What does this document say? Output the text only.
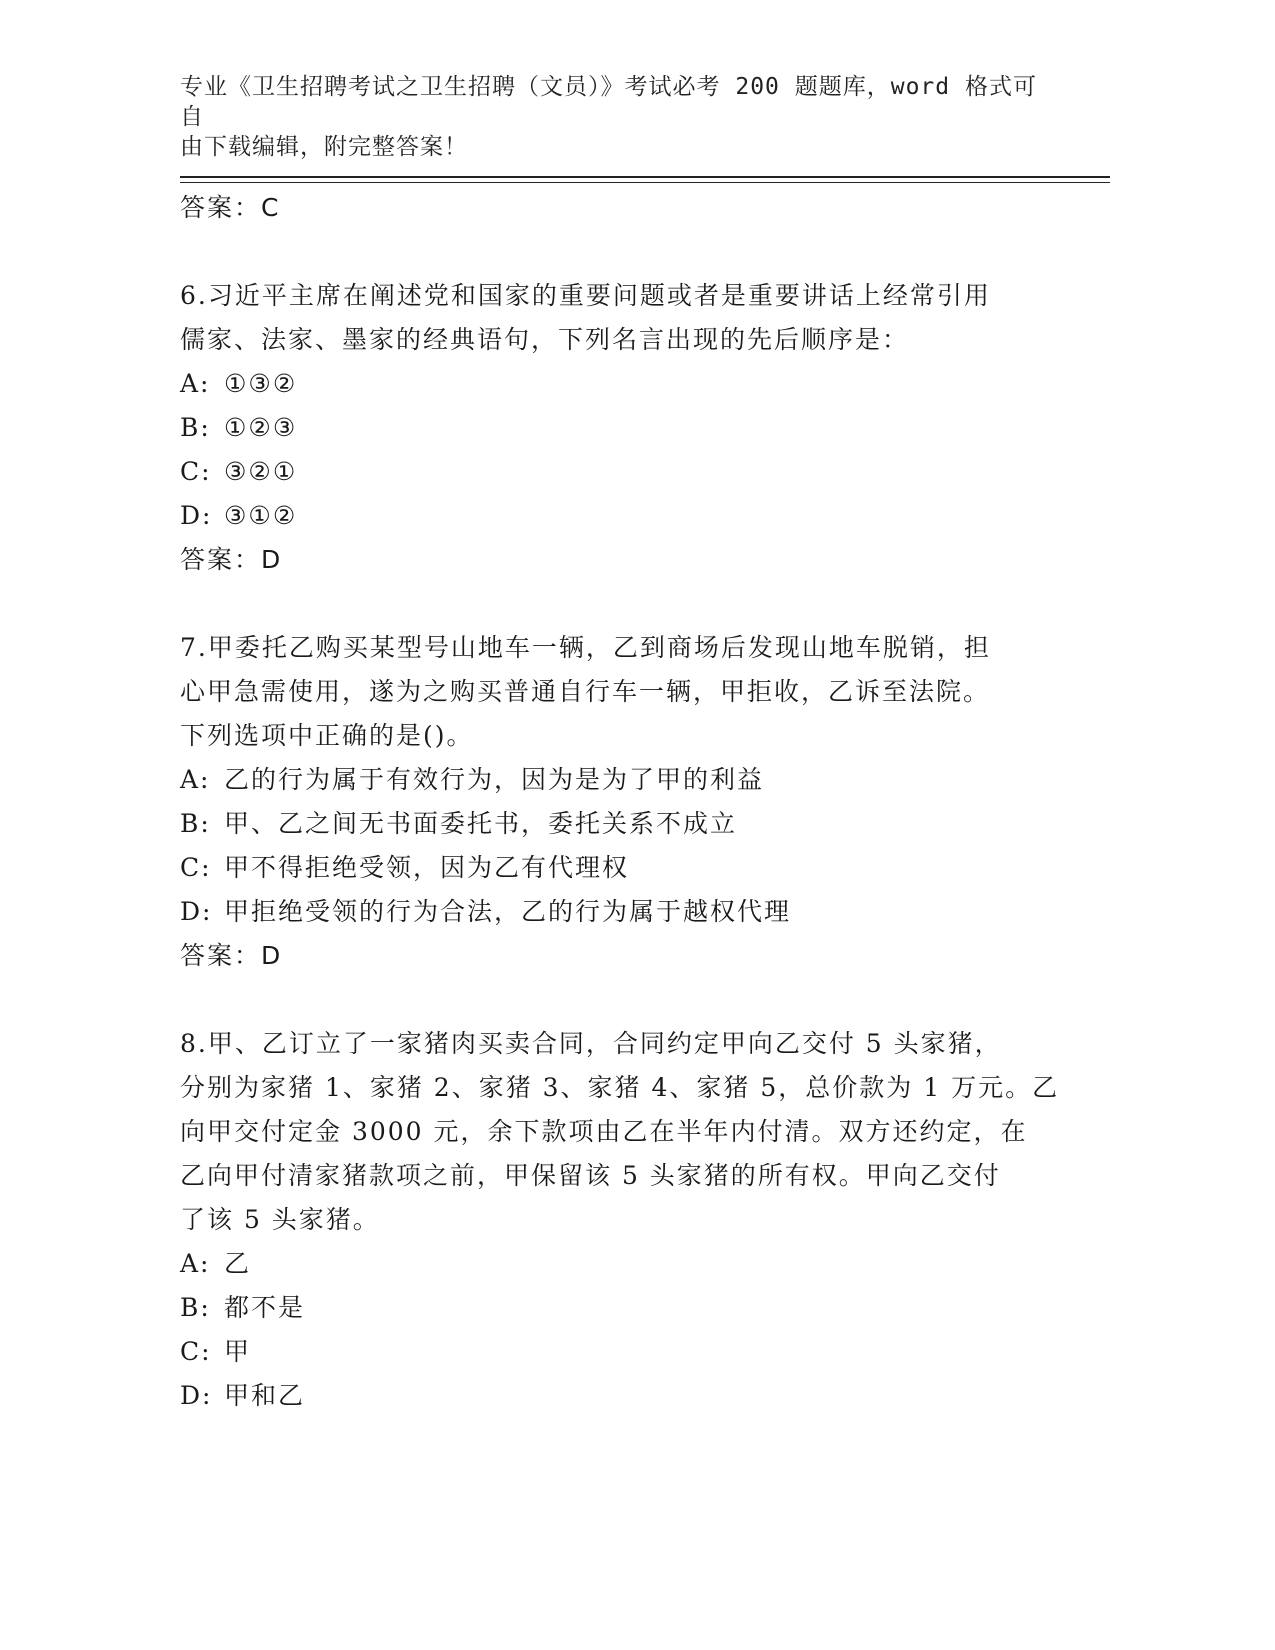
专业《卫生招聘考试之卫生招聘（文员）》考试必考 200 题题库，word 格式可自
由下载编辑，附完整答案！
答案：C
6.习近平主席在阐述党和国家的重要问题或者是重要讲话上经常引用
儒家、法家、墨家的经典语句，下列名言出现的先后顺序是：
A: ①③②
B: ①②③
C: ③②①
D: ③①②
答案：D
7.甲委托乙购买某型号山地车一辆，乙到商场后发现山地车脱销，担
心甲急需使用，遂为之购买普通自行车一辆，甲拒收，乙诉至法院。
下列选项中正确的是()。
A: 乙的行为属于有效行为，因为是为了甲的利益
B: 甲、乙之间无书面委托书，委托关系不成立
C: 甲不得拒绝受领，因为乙有代理权
D: 甲拒绝受领的行为合法，乙的行为属于越权代理
答案：D
8.甲、乙订立了一家猪肉买卖合同，合同约定甲向乙交付 5 头家猪，
分别为家猪 1、家猪 2、家猪 3、家猪 4、家猪 5，总价款为 1 万元。乙
向甲交付定金 3000 元，余下款项由乙在半年内付清。双方还约定，在
乙向甲付清家猪款项之前，甲保留该 5 头家猪的所有权。甲向乙交付
了该 5 头家猪。
A: 乙
B: 都不是
C: 甲
D: 甲和乙
